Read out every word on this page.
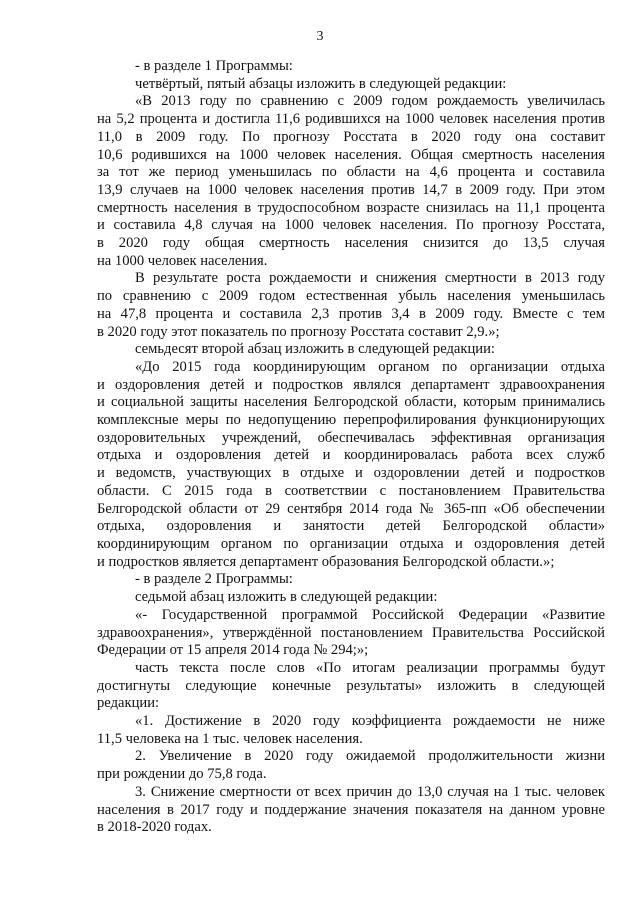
3

- в разделе 1 Программы:

четвёртый, пятый абзацы изложить в следующей редакции:

«В 2013 году по сравнению с 2009 годом рождаемость увеличилась

на 5,2 процента и достигла 11,6 родившихся на 1000 человек населения против

11,0 в 2009 году. По прогнозу Росстата в 2020 году она составит

10,6 родившихся на 1000 человек населения. Общая смертность населения

за тот же период уменьшилась по области на 4,6 процента и составила

13,9 случаев на 1000 человек населения против 14,7 в 2009 году. При этом

смертность населения в трудоспособном возрасте снизилась на 11,1 процента

и составила 4,8 случая на 1000 человек населения. По прогнозу Росстата,

в 2020 году общая смертность населения снизится до 13,5 случая

на 1000 человек населения.

В результате роста рождаемости и снижения смертности в 2013 году

по сравнению с 2009 годом естественная убыль населения уменьшилась

на 47,8 процента и составила 2,3 против 3,4 в 2009 году. Вместе с тем

в 2020 году этот показатель по прогнозу Росстата составит 2,9.»;

семьдесят второй абзац изложить в следующей редакции:

«До 2015 года координирующим органом по организации отдыха

и оздоровления детей и подростков являлся департамент здравоохранения

и социальной защиты населения Белгородской области, которым принимались

комплексные меры по недопущению перепрофилирования функционирующих

оздоровительных учреждений, обеспечивалась эффективная организация

отдыха и оздоровления детей и координировалась работа всех служб

и ведомств, участвующих в отдыхе и оздоровлении детей и подростков

области. С 2015 года в соответствии с постановлением Правительства

Белгородской области от 29 сентября 2014 года № 365-пп «Об обеспечении

отдыха, оздоровления и занятости детей Белгородской области»

координирующим органом по организации отдыха и оздоровления детей

и подростков является департамент образования Белгородской области.»;

- в разделе 2 Программы:

седьмой абзац изложить в следующей редакции:

«- Государственной программой Российской Федерации «Развитие

здравоохранения», утверждённой постановлением Правительства Российской

Федерации от 15 апреля 2014 года № 294;»;

часть текста после слов «По итогам реализации программы будут

достигнуты следующие конечные результаты» изложить в следующей

редакции:

«1. Достижение в 2020 году коэффициента рождаемости не ниже

11,5 человека на 1 тыс. человек населения.

2. Увеличение в 2020 году ожидаемой продолжительности жизни

при рождении до 75,8 года.

3. Снижение смертности от всех причин до 13,0 случая на 1 тыс. человек

населения в 2017 году и поддержание значения показателя на данном уровне

в 2018-2020 годах.
